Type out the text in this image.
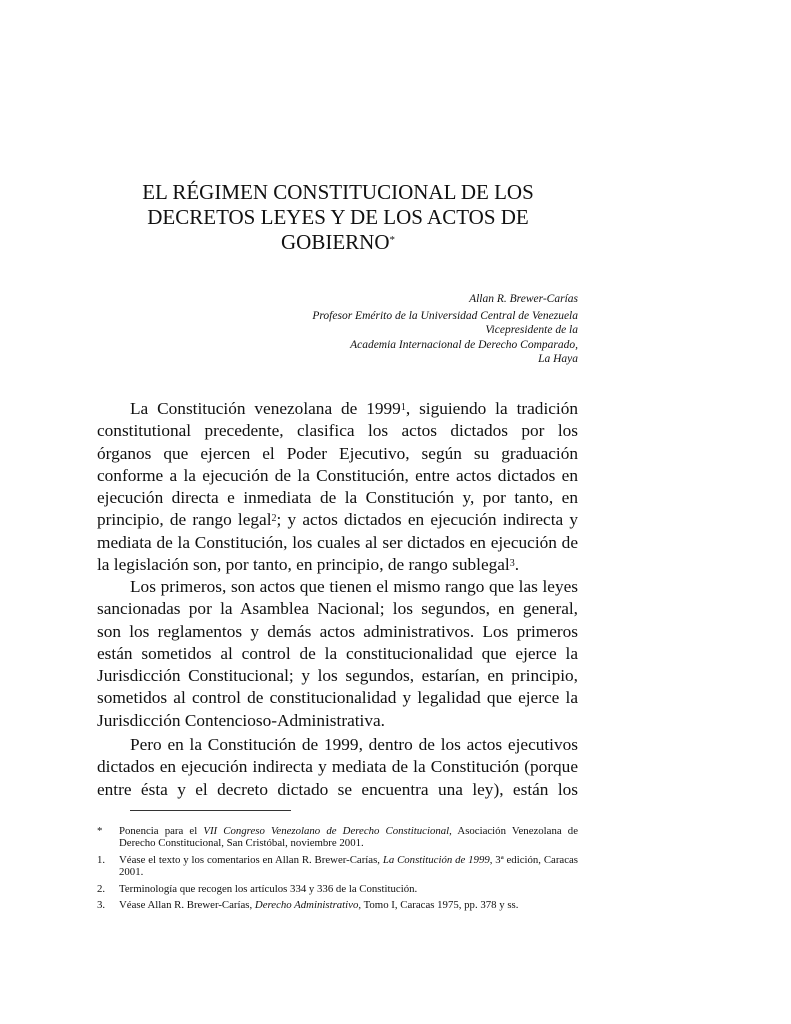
EL RÉGIMEN CONSTITUCIONAL DE LOS
DECRETOS LEYES Y DE LOS ACTOS DE
GOBIERNO*
Allan R. Brewer-Carías
Profesor Emérito de la Universidad Central de Venezuela
Vicepresidente de la
Academia Internacional de Derecho Comparado,
La Haya
La Constitución venezolana de 1999$^1$, siguiendo la tradición
constitutional precedente, clasifica los actos dictados por los
órganos que ejercen el Poder Ejecutivo, según su graduación
conforme a la ejecución de la Constitución, entre actos dictados en
ejecución directa e inmediata de la Constitución y, por tanto, en
principio, de rango legal$^2$; y actos dictados en ejecución indirecta y
mediata de la Constitución, los cuales al ser dictados en ejecución de
la legislación son, por tanto, en principio, de rango sublegal$^3$.
Los primeros, son actos que tienen el mismo rango que las leyes
sancionadas por la Asamblea Nacional; los segundos, en general,
son los reglamentos y demás actos administrativos. Los primeros
están sometidos al control de la constitucionalidad que ejerce la
Jurisdicción Constitucional; y los segundos, estarían, en principio,
sometidos al control de constitucionalidad y legalidad que ejerce la
Jurisdicción Contencioso-Administrativa.
Pero en la Constitución de 1999, dentro de los actos ejecutivos
dictados en ejecución indirecta y mediata de la Constitución (porque
entre ésta y el decreto dictado se encuentra una ley), están los
*	Ponencia para el VII Congreso Venezolano de Derecho Constitucional, Asociación Venezolana de Derecho Constitucional, San Cristóbal, noviembre 2001.
1.	Véase el texto y los comentarios en Allan R. Brewer-Carías, La Constitución de 1999, 3ª edición, Caracas 2001.
2.	Terminología que recogen los artículos 334 y 336 de la Constitución.
3.	Véase Allan R. Brewer-Carías, Derecho Administrativo, Tomo I, Caracas 1975, pp. 378 y ss.
